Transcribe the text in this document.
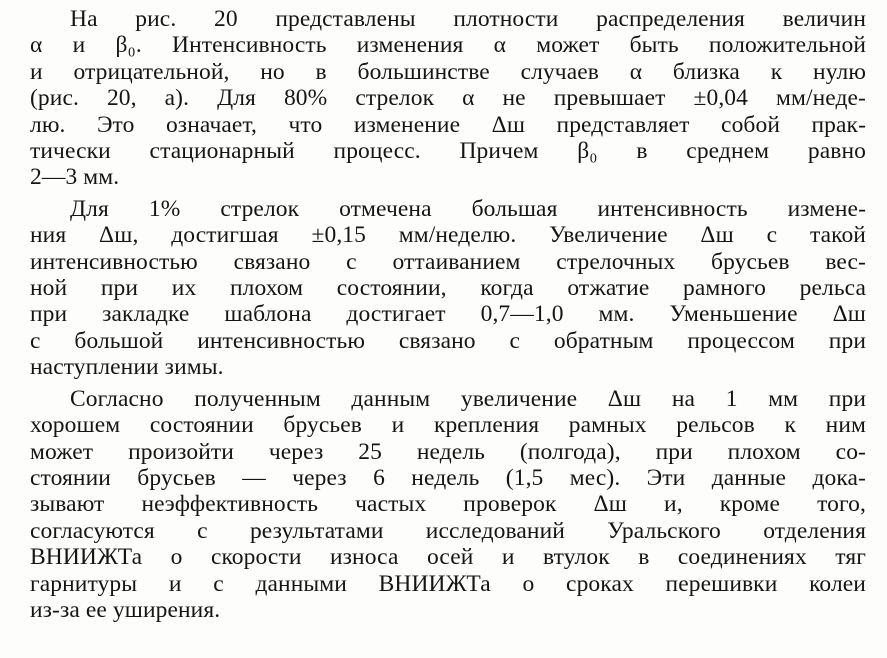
На рис. 20 представлены плотности распределения величин
α и β₀. Интенсивность изменения α может быть положительной
и отрицательной, но в большинстве случаев α близка к нулю
(рис. 20, а). Для 80% стрелок α не превышает ±0,04 мм/неде-
лю. Это означает, что изменение Δш представляет собой прак-
тически стационарный процесс. Причем β₀ в среднем равно
2—3 мм.
Для 1% стрелок отмечена большая интенсивность измене-
ния Δш, достигшая ±0,15 мм/неделю. Увеличение Δш с такой
интенсивностью связано с оттаиванием стрелочных брусьев вес-
ной при их плохом состоянии, когда отжатие рамного рельса
при закладке шаблона достигает 0,7—1,0 мм. Уменьшение Δш
с большой интенсивностью связано с обратным процессом при
наступлении зимы.
Согласно полученным данным увеличение Δш на 1 мм при
хорошем состоянии брусьев и крепления рамных рельсов к ним
может произойти через 25 недель (полгода), при плохом со-
стоянии брусьев — через 6 недель (1,5 мес). Эти данные дока-
зывают неэффективность частых проверок Δш и, кроме того,
согласуются с результатами исследований Уральского отделения
ВНИИЖТа о скорости износа осей и втулок в соединениях тяг
гарнитуры и с данными ВНИИЖТа о сроках перешивки колеи
из-за ее уширения.
